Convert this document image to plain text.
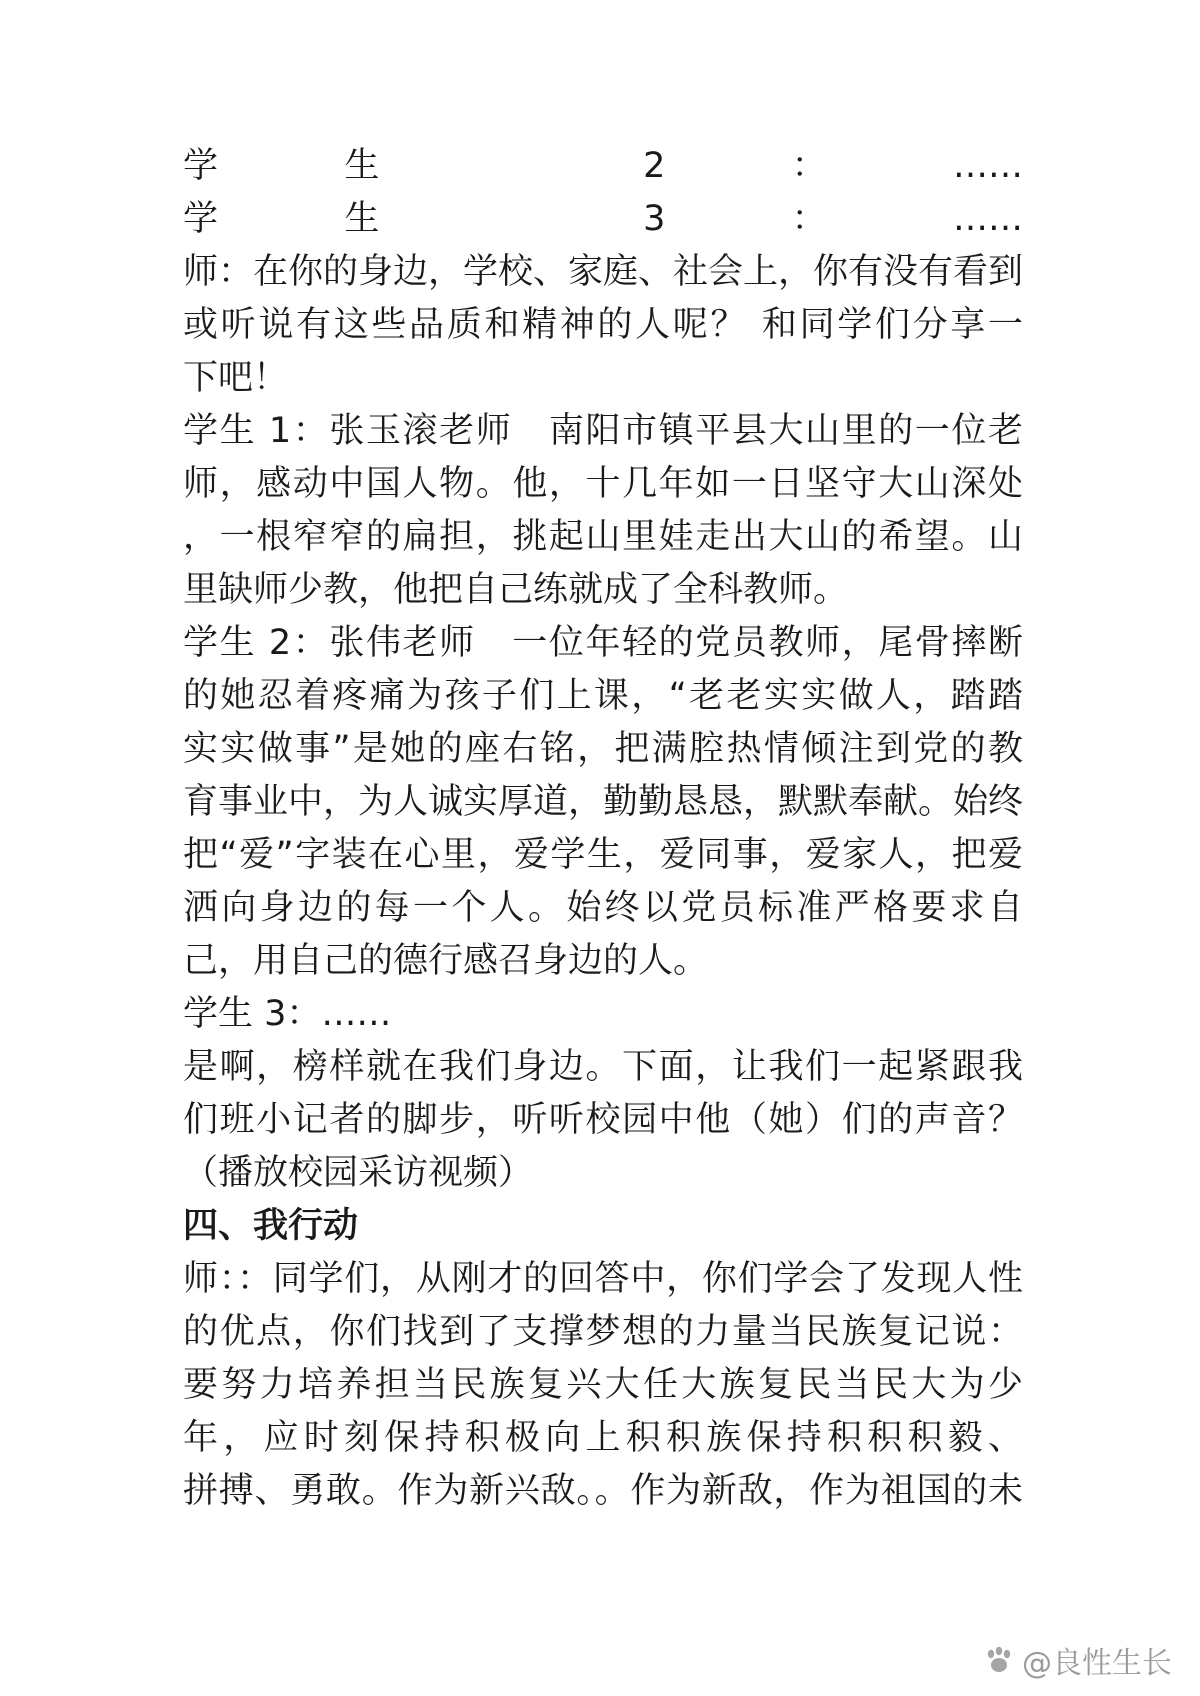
学生 2：……
学生 3：……
师：在你的身边，学校、家庭、社会上，你有没有看到
或听说有这些品质和精神的人呢？ 和同学们分享一
下吧！
学生 1：张玉滚老师　南阳市镇平县大山里的一位老
师，感动中国人物。他，十几年如一日坚守大山深处
，一根窄窄的扁担，挑起山里娃走出大山的希望。山
里缺师少教，他把自己练就成了全科教师。
学生 2：张伟老师　一位年轻的党员教师，尾骨摔断
的她忍着疼痛为孩子们上课，“老老实实做人，踏踏
实实做事”是她的座右铭，把满腔热情倾注到党的教
育事业中，为人诚实厚道，勤勤恳恳，默默奉献。始终
把“爱”字装在心里，爱学生，爱同事，爱家人，把爱
洒向身边的每一个人。始终以党员标准严格要求自
己，用自己的德行感召身边的人。
学生 3：……
是啊，榜样就在我们身边。下面，让我们一起紧跟我
们班小记者的脚步，听听校园中他（她）们的声音？
（播放校园采访视频）
四、我行动
师：：同学们，从刚才的回答中，你们学会了发现人性
的优点，你们找到了支撑梦想的力量当民族复记说：
要努力培养担当民族复兴大任大族复民当民大为少
年，应时刻保持积极向上积积族保持积积积毅、
拼搏、勇敢。作为新兴敌。。作为新敌，作为祖国的未
@良性生长
